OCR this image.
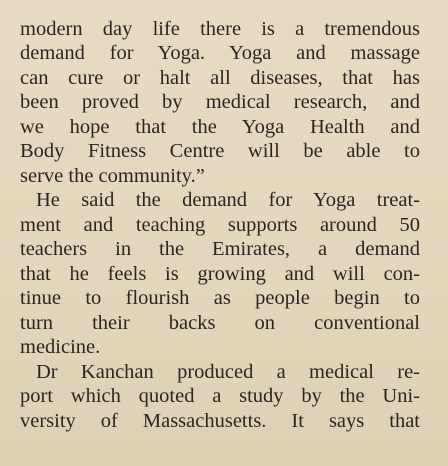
modern day life there is a tremendous
demand for Yoga. Yoga and massage
can cure or halt all diseases, that has
been proved by medical research, and
we hope that the Yoga Health and
Body Fitness Centre will be able to
serve the community.”
He said the demand for Yoga treat-
ment and teaching supports around 50
teachers in the Emirates, a demand
that he feels is growing and will con-
tinue to flourish as people begin to
turn their backs on conventional
medicine.
Dr Kanchan produced a medical re-
port which quoted a study by the Uni-
versity of Massachusetts. It says that
